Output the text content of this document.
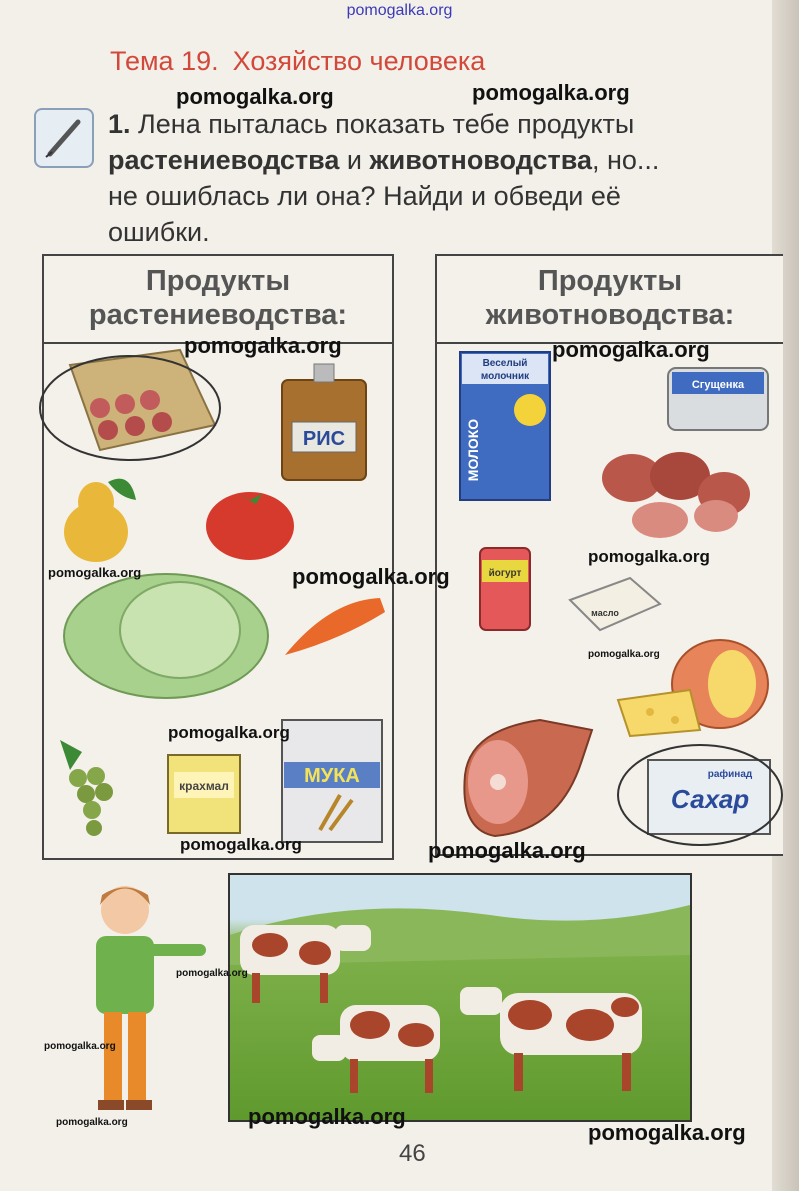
pomogalka.org
Тема 19. Хозяйство человека
pomogalka.org	pomogalka.org
1. Лена пыталась показать тебе продукты
растениеводства и животноводства, но...
не ошиблась ли она? Найди и обведи её
ошибки.
Продукты
растениеводства:
Продукты
животноводства:
РИС
крахмал	МУКА
Веселый
молочник
МОЛОКО
Сгущенка
йогурт
масло
рафинад
Сахар
pomogalka.org	pomogalka.org
pomogalka.org
pomogalka.org	pomogalka.org
pomogalka.org
pomogalka.org
pomogalka.org	pomogalka.org
pomogalka.org
pomogalka.org
pomogalka.org	pomogalka.org
pomogalka.org
46
